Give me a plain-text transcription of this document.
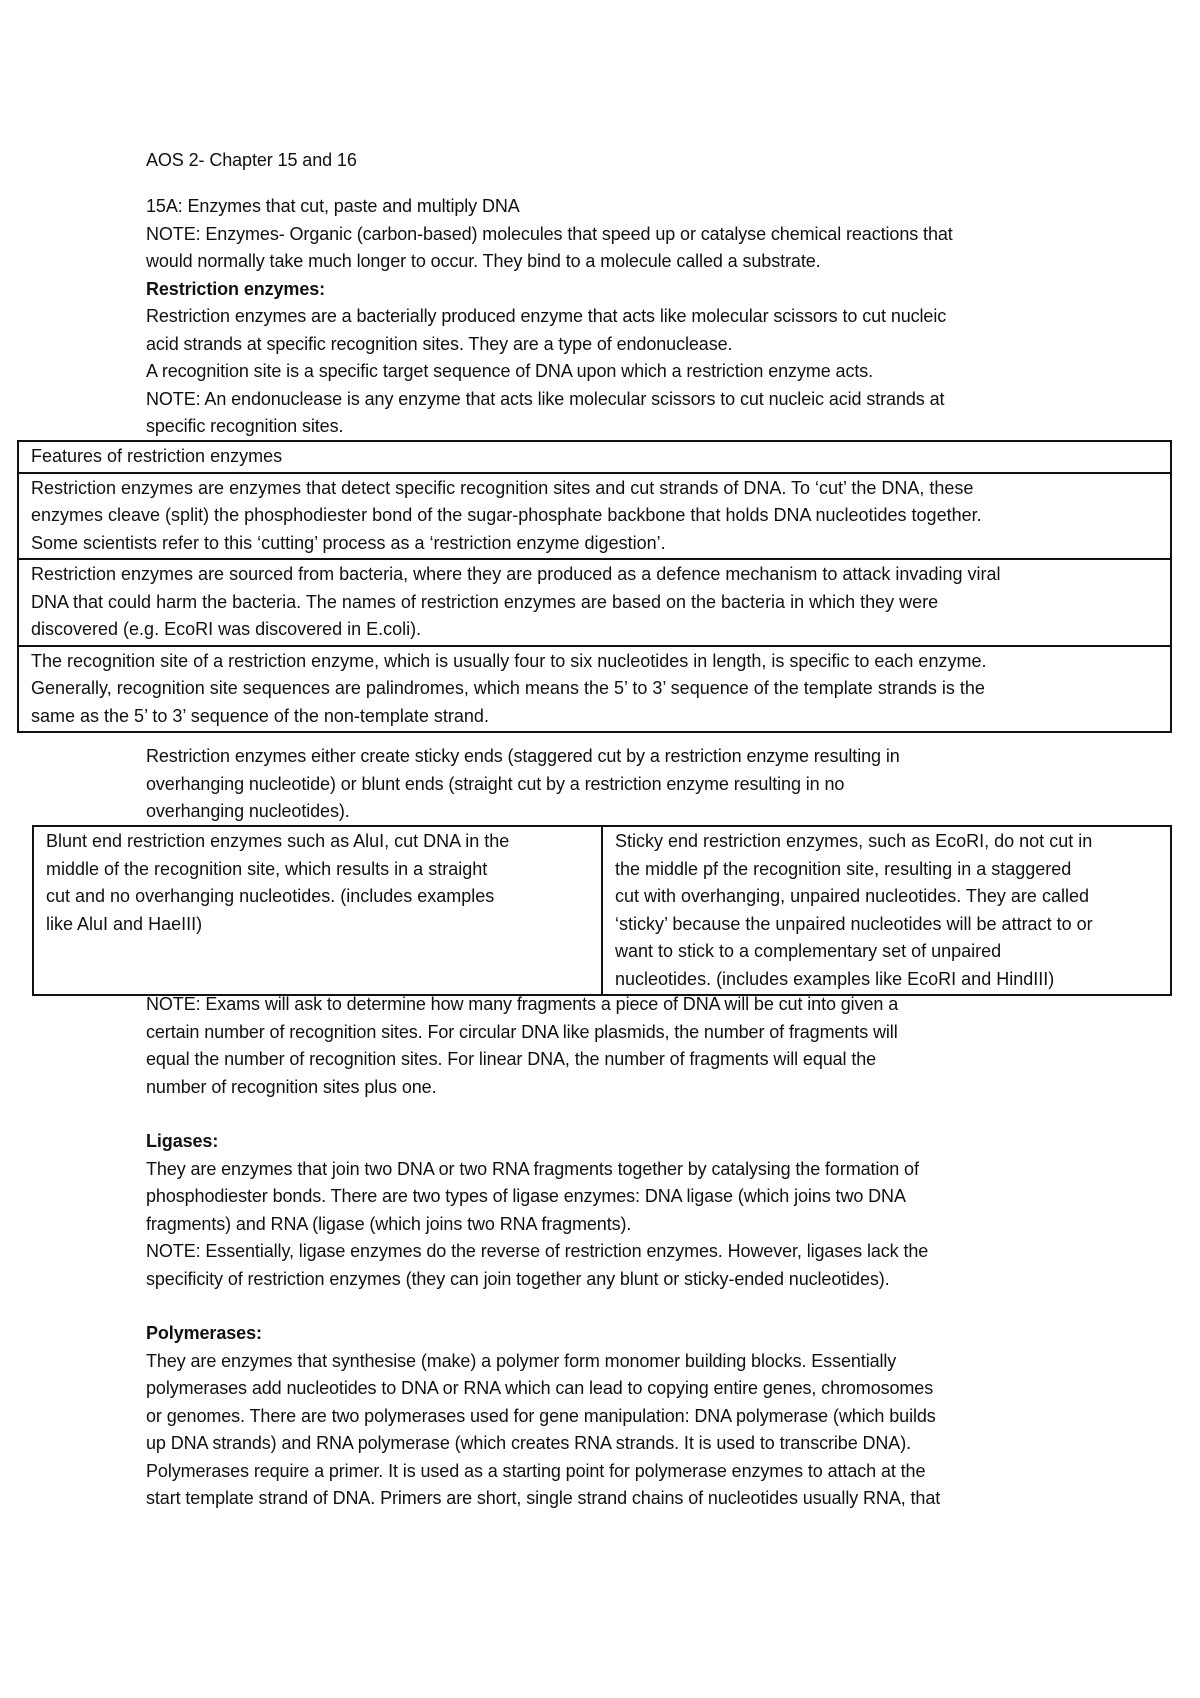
AOS 2- Chapter 15 and 16

15A: Enzymes that cut, paste and multiply DNA

NOTE: Enzymes- Organic (carbon-based) molecules that speed up or catalyse chemical reactions that

would normally take much longer to occur. They bind to a molecule called a substrate.

Restriction enzymes:

Restriction enzymes are a bacterially produced enzyme that acts like molecular scissors to cut nucleic

acid strands at specific recognition sites. They are a type of endonuclease.

A recognition site is a specific target sequence of DNA upon which a restriction enzyme acts.

NOTE: An endonuclease is any enzyme that acts like molecular scissors to cut nucleic acid strands at

specific recognition sites.

Features of restriction enzymes

Restriction enzymes are enzymes that detect specific recognition sites and cut strands of DNA. To ‘cut’ the DNA, these
enzymes cleave (split) the phosphodiester bond of the sugar-phosphate backbone that holds DNA nucleotides together.
Some scientists refer to this ‘cutting’ process as a ‘restriction enzyme digestion’.

Restriction enzymes are sourced from bacteria, where they are produced as a defence mechanism to attack invading viral
DNA that could harm the bacteria. The names of restriction enzymes are based on the bacteria in which they were
discovered (e.g. EcoRI was discovered in E.coli).

The recognition site of a restriction enzyme, which is usually four to six nucleotides in length, is specific to each enzyme.
Generally, recognition site sequences are palindromes, which means the 5’ to 3’ sequence of the template strands is the
same as the 5’ to 3’ sequence of the non-template strand.

Restriction enzymes either create sticky ends (staggered cut by a restriction enzyme resulting in

overhanging nucleotide) or blunt ends (straight cut by a restriction enzyme resulting in no

overhanging nucleotides).

Blunt end restriction enzymes such as AluI, cut DNA in the
middle of the recognition site, which results in a straight
cut and no overhanging nucleotides. (includes examples
like AluI and HaeIII)

Sticky end restriction enzymes, such as EcoRI, do not cut in
the middle pf the recognition site, resulting in a staggered
cut with overhanging, unpaired nucleotides. They are called
‘sticky’ because the unpaired nucleotides will be attract to or
want to stick to a complementary set of unpaired
nucleotides. (includes examples like EcoRI and HindIII)

NOTE: Exams will ask to determine how many fragments a piece of DNA will be cut into given a

certain number of recognition sites. For circular DNA like plasmids, the number of fragments will

equal the number of recognition sites. For linear DNA, the number of fragments will equal the

number of recognition sites plus one.

Ligases:

They are enzymes that join two DNA or two RNA fragments together by catalysing the formation of

phosphodiester bonds. There are two types of ligase enzymes: DNA ligase (which joins two DNA

fragments) and RNA (ligase (which joins two RNA fragments).

NOTE: Essentially, ligase enzymes do the reverse of restriction enzymes. However, ligases lack the

specificity of restriction enzymes (they can join together any blunt or sticky-ended nucleotides).

Polymerases:

They are enzymes that synthesise (make) a polymer form monomer building blocks. Essentially

polymerases add nucleotides to DNA or RNA which can lead to copying entire genes, chromosomes

or genomes. There are two polymerases used for gene manipulation: DNA polymerase (which builds

up DNA strands) and RNA polymerase (which creates RNA strands. It is used to transcribe DNA).

Polymerases require a primer. It is used as a starting point for polymerase enzymes to attach at the

start template strand of DNA. Primers are short, single strand chains of nucleotides usually RNA, that
